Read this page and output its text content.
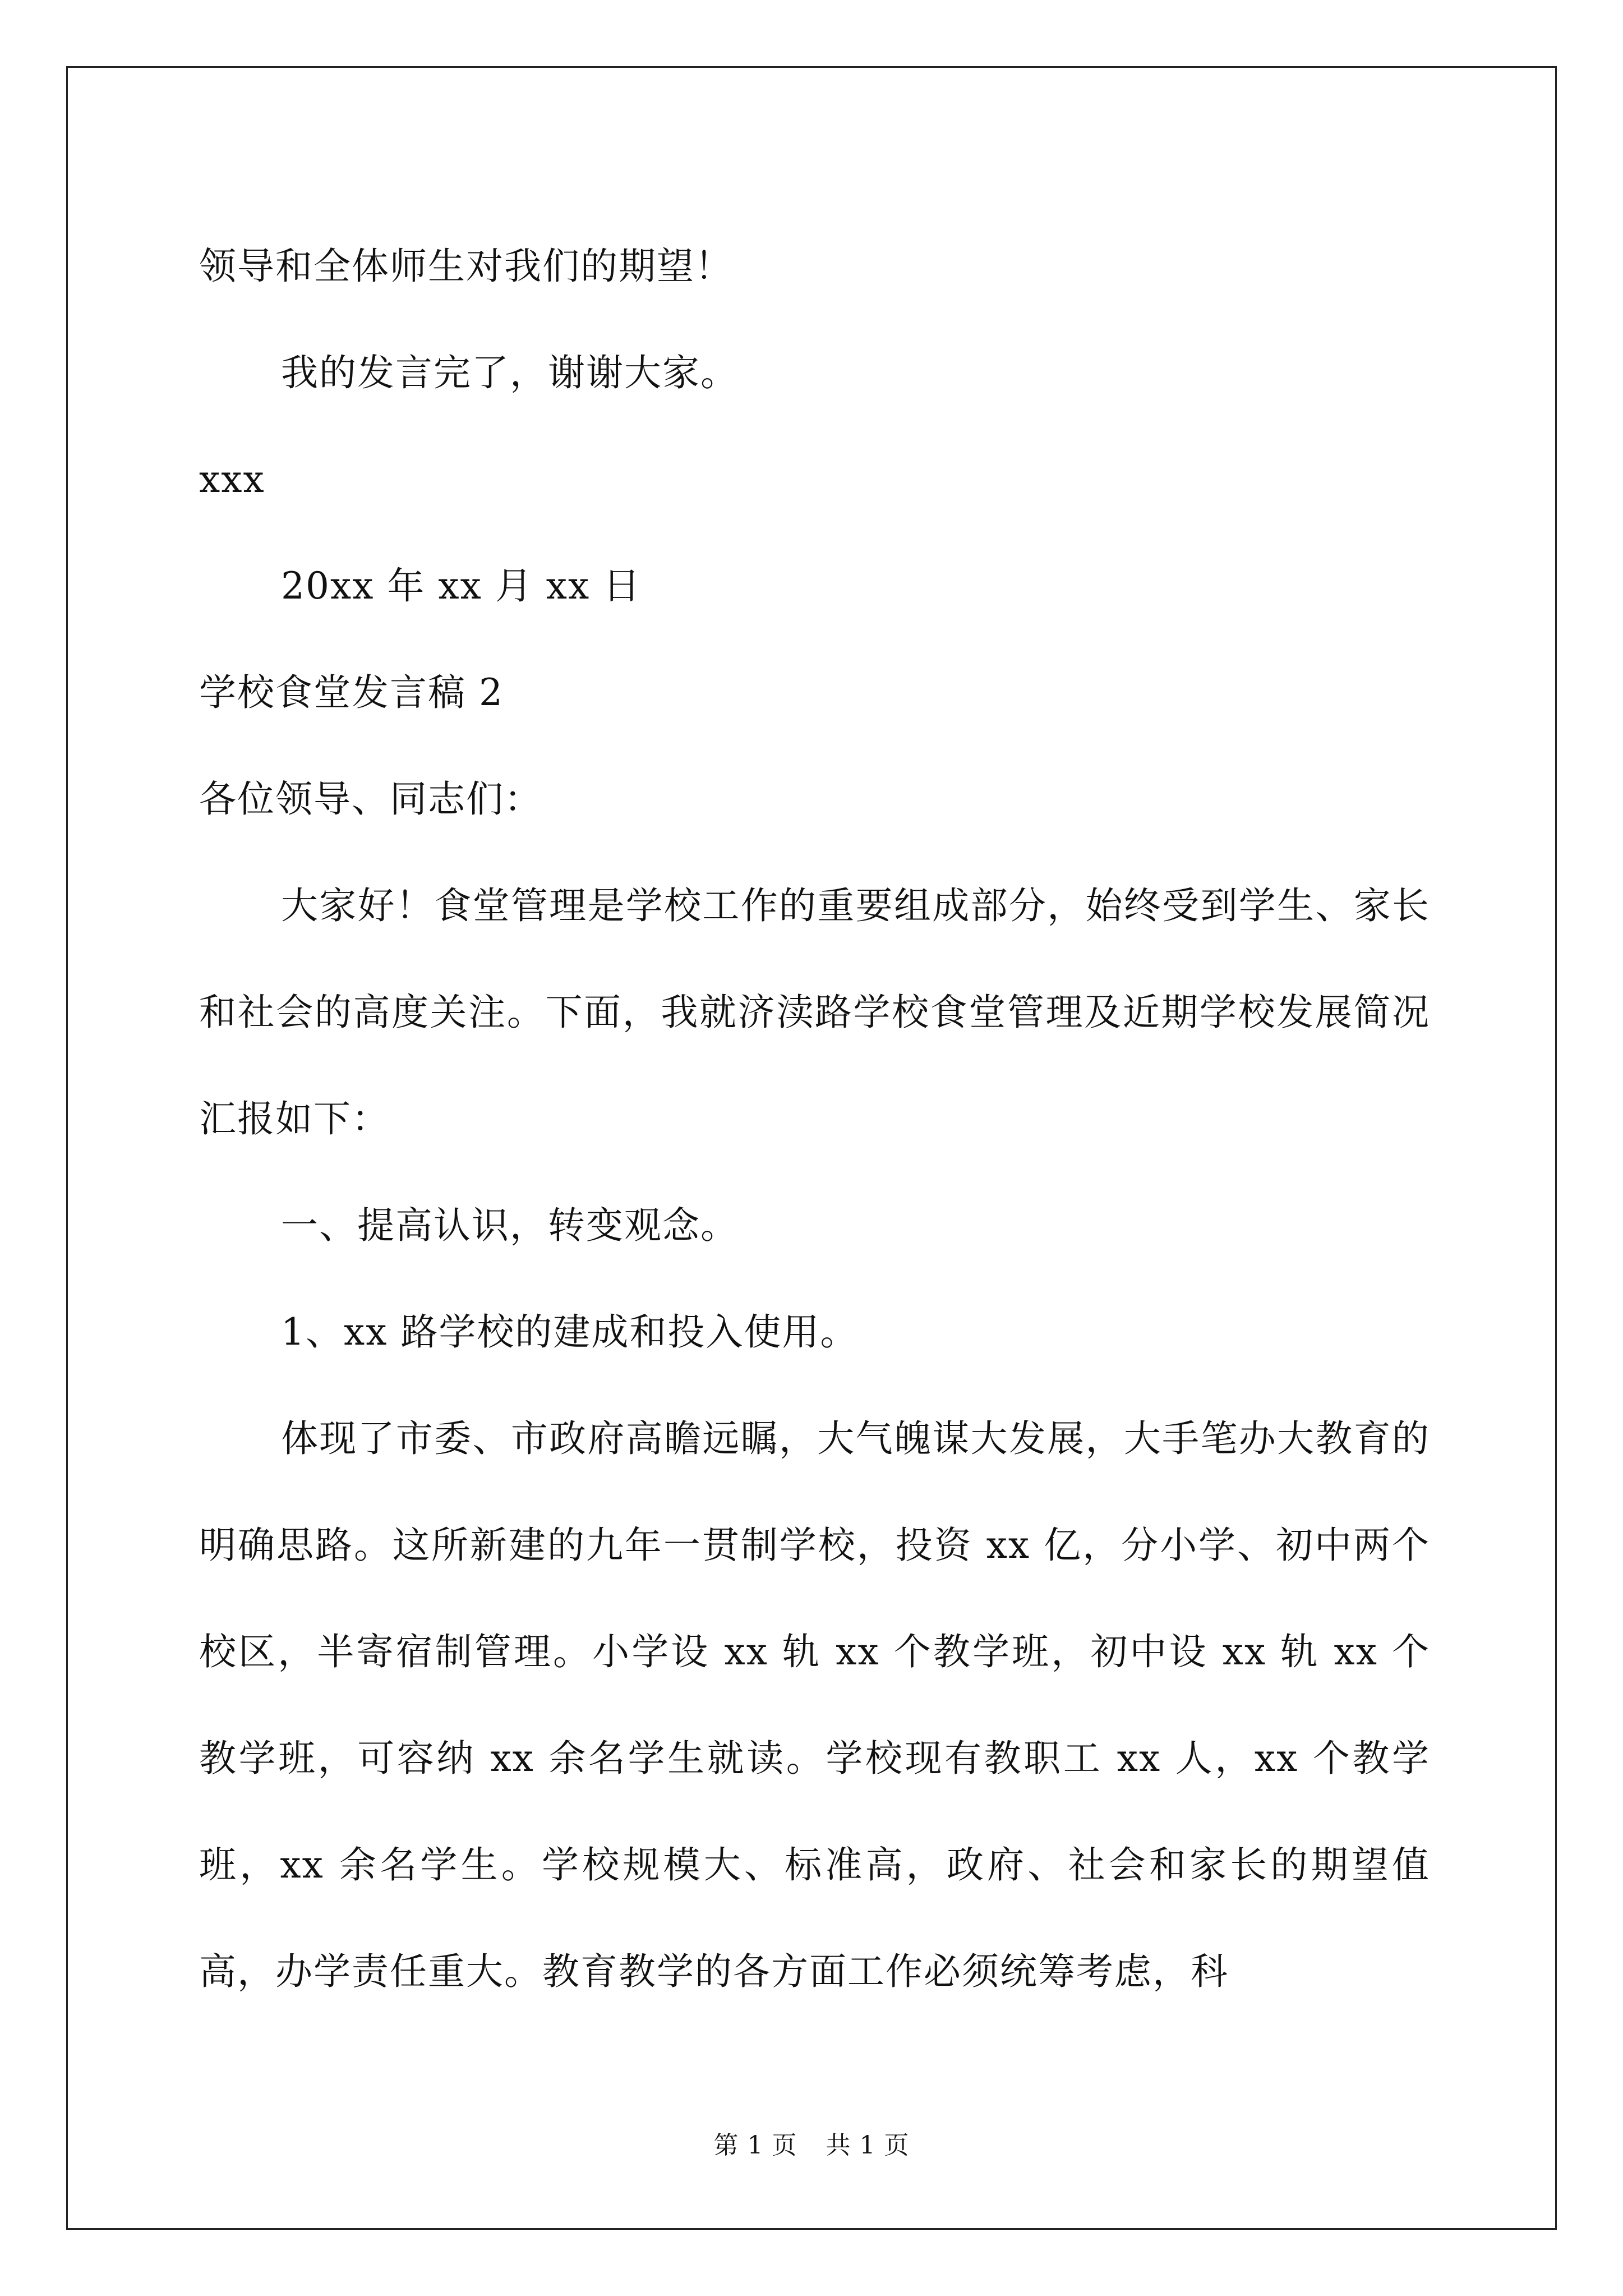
领导和全体师生对我们的期望！

我的发言完了，谢谢大家。

xxx

20xx 年 xx 月 xx 日

学校食堂发言稿 2

各位领导、同志们：

大家好！食堂管理是学校工作的重要组成部分，始终受到学生、家长和社会的高度关注。下面，我就济渎路学校食堂管理及近期学校发展简况汇报如下：

一、提高认识，转变观念。

1、xx 路学校的建成和投入使用。

体现了市委、市政府高瞻远瞩，大气魄谋大发展，大手笔办大教育的明确思路。这所新建的九年一贯制学校，投资 xx 亿，分小学、初中两个校区，半寄宿制管理。小学设 xx 轨 xx 个教学班，初中设 xx 轨 xx 个教学班，可容纳 xx 余名学生就读。学校现有教职工 xx 人，xx 个教学班，xx 余名学生。学校规模大、标准高，政府、社会和家长的期望值高，办学责任重大。教育教学的各方面工作必须统筹考虑，科

第 1 页 共 1 页
